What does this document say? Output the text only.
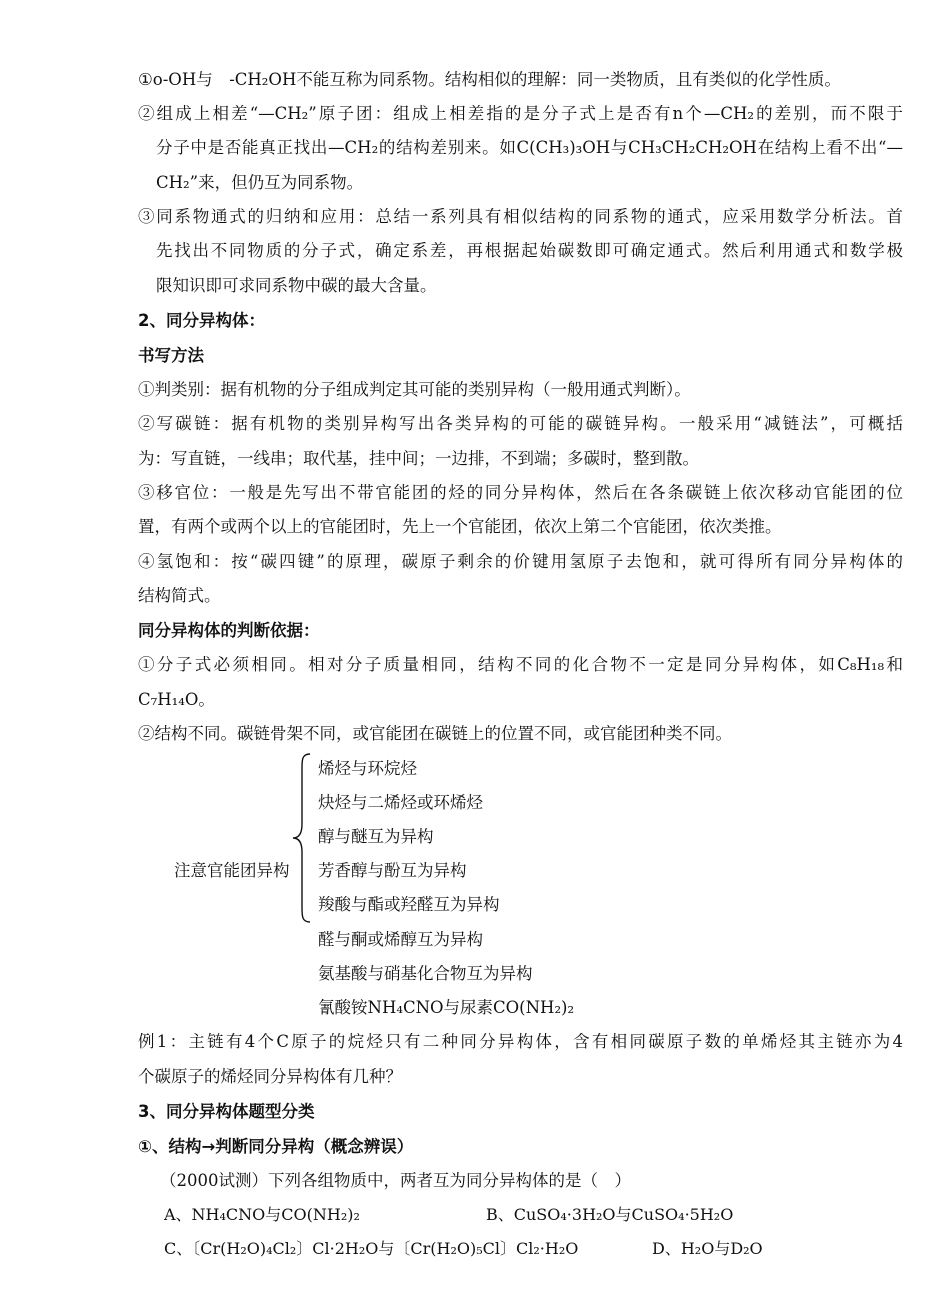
①o-OH与　-CH₂OH不能互称为同系物。结构相似的理解：同一类物质，且有类似的化学性质。
②组成上相差“—CH₂”原子团：组成上相差指的是分子式上是否有n个—CH₂的差别，而不限于
分子中是否能真正找出—CH₂的结构差别来。如C(CH₃)₃OH与CH₃CH₂CH₂OH在结构上看不出“—
CH₂”来，但仍互为同系物。
③同系物通式的归纳和应用：总结一系列具有相似结构的同系物的通式，应采用数学分析法。首
先找出不同物质的分子式，确定系差，再根据起始碳数即可确定通式。然后利用通式和数学极
限知识即可求同系物中碳的最大含量。
2、同分异构体：
书写方法
①判类别：据有机物的分子组成判定其可能的类别异构（一般用通式判断）。
②写碳链：据有机物的类别异构写出各类异构的可能的碳链异构。一般采用“减链法”，可概括
为：写直链，一线串；取代基，挂中间；一边排，不到端；多碳时，整到散。
③移官位：一般是先写出不带官能团的烃的同分异构体，然后在各条碳链上依次移动官能团的位
置，有两个或两个以上的官能团时，先上一个官能团，依次上第二个官能团，依次类推。
④氢饱和：按“碳四键”的原理，碳原子剩余的价键用氢原子去饱和，就可得所有同分异构体的
结构简式。
同分异构体的判断依据：
①分子式必须相同。相对分子质量相同，结构不同的化合物不一定是同分异构体，如C₈H₁₈和
C₇H₁₄O。
②结构不同。碳链骨架不同，或官能团在碳链上的位置不同，或官能团种类不同。
注意官能团异构
烯烃与环烷烃
炔烃与二烯烃或环烯烃
醇与醚互为异构
芳香醇与酚互为异构
羧酸与酯或羟醛互为异构
醛与酮或烯醇互为异构
氨基酸与硝基化合物互为异构
氰酸铵NH₄CNO与尿素CO(NH₂)₂
例1：主链有4个C原子的烷烃只有二种同分异构体，含有相同碳原子数的单烯烃其主链亦为4
个碳原子的烯烃同分异构体有几种？
3、同分异构体题型分类
①、结构→判断同分异构（概念辨误）
（2000试测）下列各组物质中，两者互为同分异构体的是（　）
A、NH₄CNO与CO(NH₂)₂	B、CuSO₄·3H₂O与CuSO₄·5H₂O
C、〔Cr(H₂O)₄Cl₂〕Cl·2H₂O与〔Cr(H₂O)₅Cl〕Cl₂·H₂O	D、H₂O与D₂O
